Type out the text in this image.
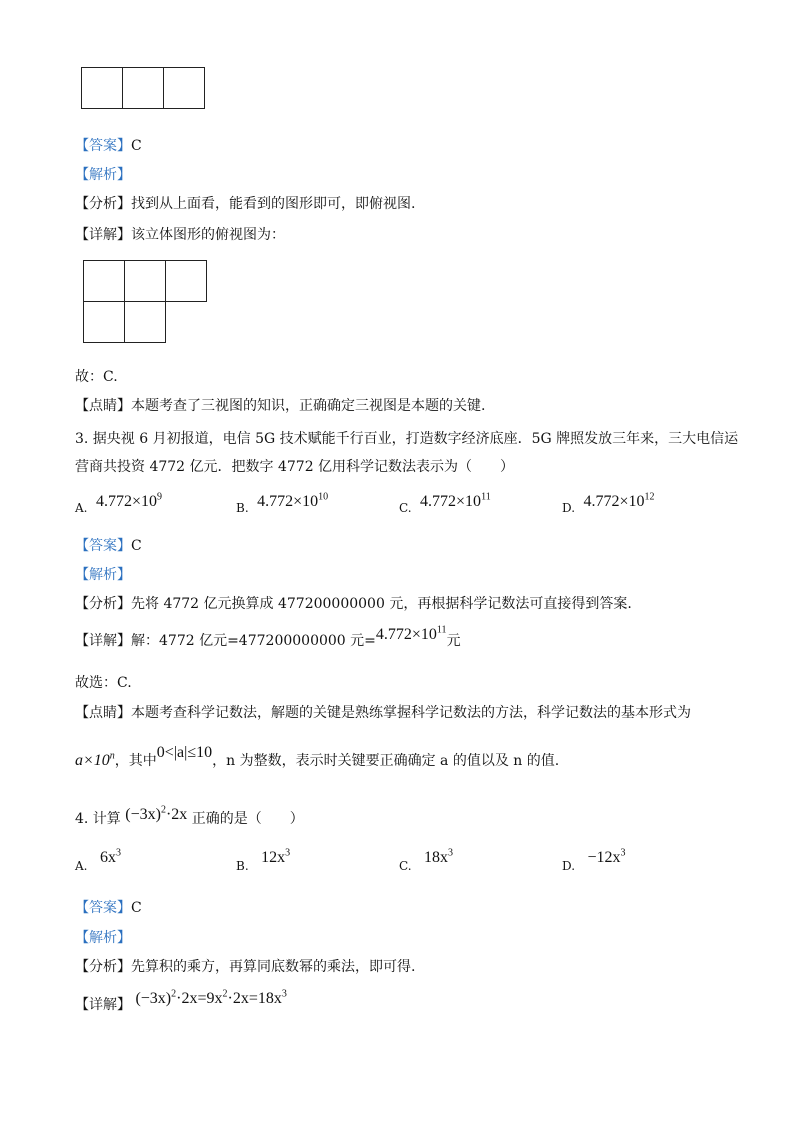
【答案】C
【解析】
【分析】找到从上面看，能看到的图形即可，即俯视图.
【详解】该立体图形的俯视图为：
故：C.
【点睛】本题考查了三视图的知识，正确确定三视图是本题的关键.
3. 据央视 6 月初报道，电信 5G 技术赋能千行百业，打造数字经济底座．5G 牌照发放三年来，三大电信运
营商共投资 4772 亿元．把数字 4772 亿用科学记数法表示为（　　）
A. $4.772\times 10^9$
B. $4.772\times 10^{10}$
C. $4.772\times 10^{11}$
D. $4.772\times 10^{12}$
【答案】C
【解析】
【分析】先将 4772 亿元换算成 477200000000 元，再根据科学记数法可直接得到答案.
【详解】解：4772 亿元=477200000000 元$=4.772\times 10^{11}$元
故选：C.
【点睛】本题考查科学记数法，解题的关键是熟练掌握科学记数法的方法，科学记数法的基本形式为
$a\times 10^n$，其中0<|a|≤10，n 为整数，表示时关键要正确确定 a 的值以及 n 的值.
4. 计算 $(-3x)^2\cdot 2x$ 正确的是（　　）
A. $6x^3$
B. $12x^3$
C. $18x^3$
D. $-12x^3$
【答案】C
【解析】
【分析】先算积的乘方，再算同底数幂的乘法，即可得.
【详解】 $(-3x)^2\cdot 2x=9x^2\cdot 2x=18x^3$
